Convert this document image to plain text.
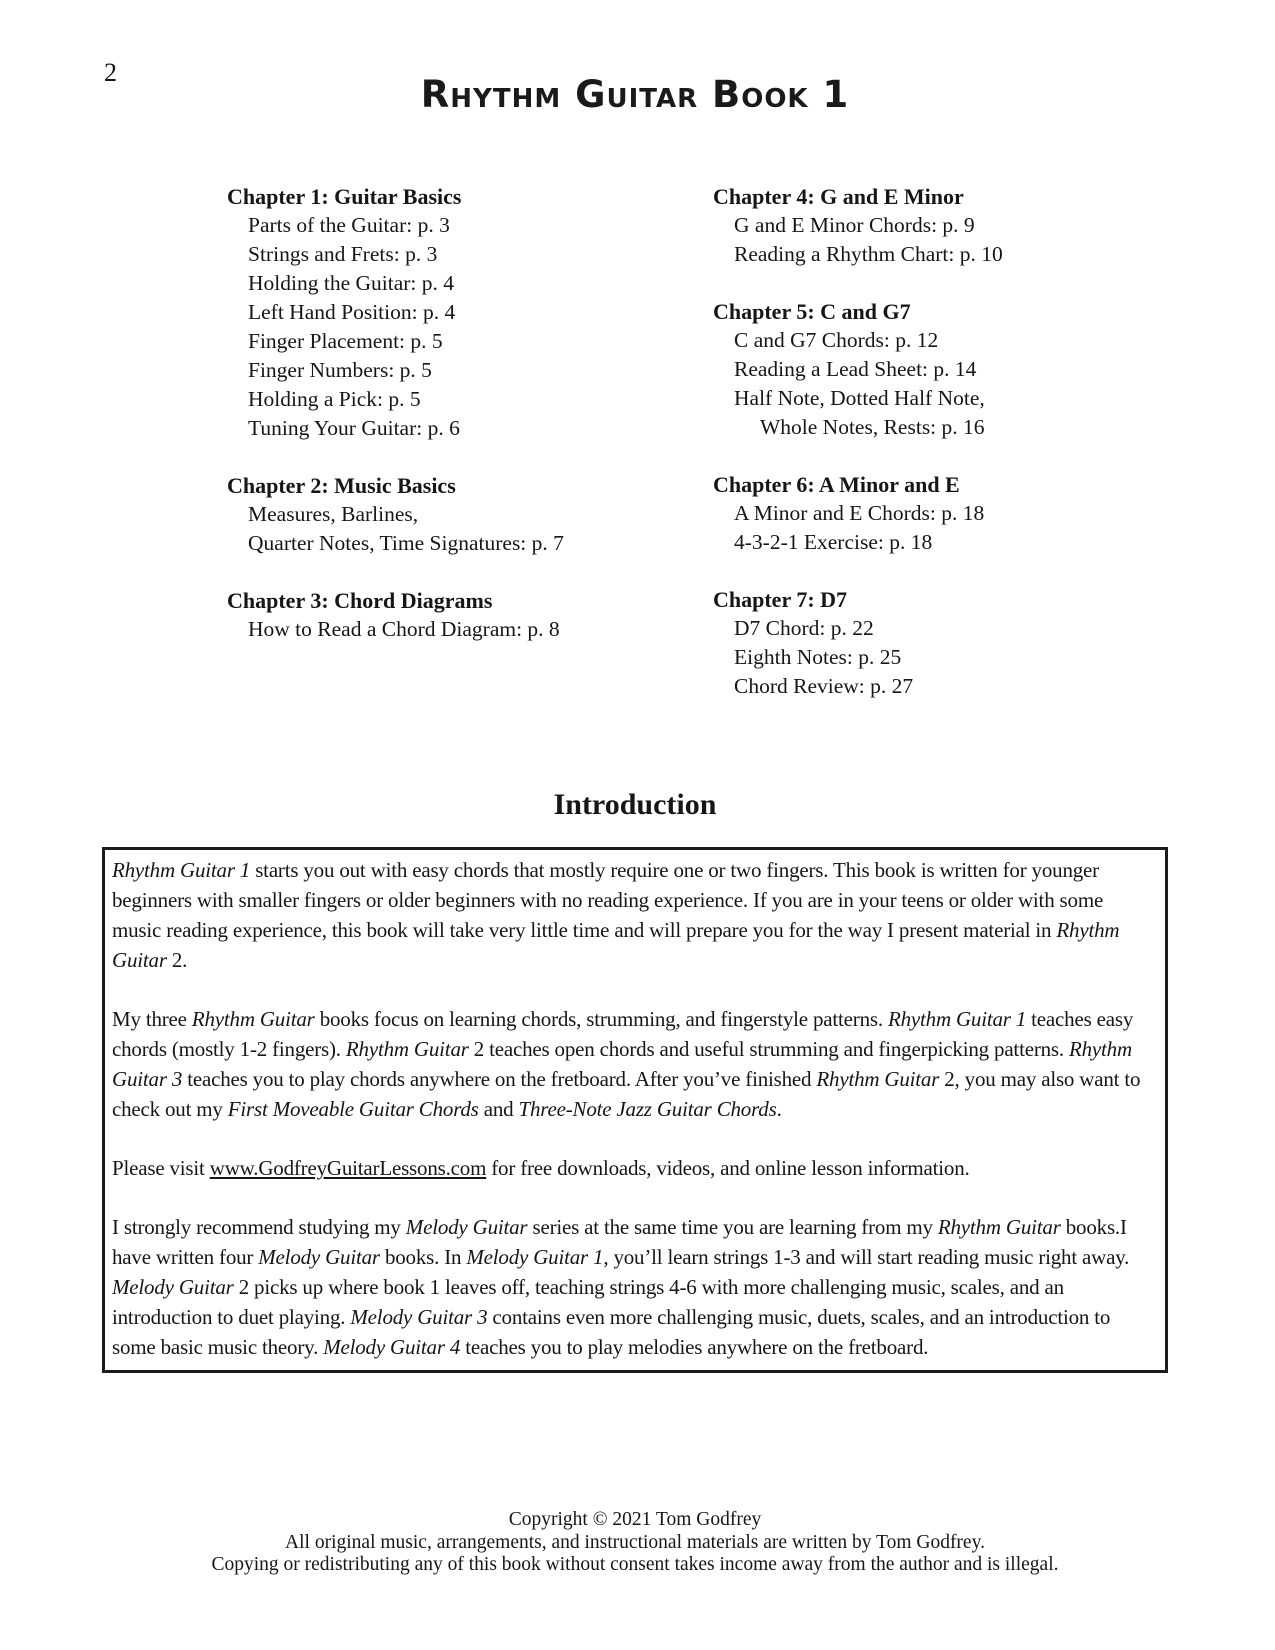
2
Rhythm Guitar Book 1
Chapter 1: Guitar Basics
Parts of the Guitar: p. 3
Strings and Frets: p. 3
Holding the Guitar: p. 4
Left Hand Position: p. 4
Finger Placement: p. 5
Finger Numbers: p. 5
Holding a Pick: p. 5
Tuning Your Guitar: p. 6
Chapter 2: Music Basics
Measures, Barlines,
Quarter Notes, Time Signatures: p. 7
Chapter 3: Chord Diagrams
How to Read a Chord Diagram: p. 8
Chapter 4: G and E Minor
G and E Minor Chords: p. 9
Reading a Rhythm Chart: p. 10
Chapter 5: C and G7
C and G7 Chords: p. 12
Reading a Lead Sheet: p. 14
Half Note, Dotted Half Note,
Whole Notes, Rests: p. 16
Chapter 6: A Minor and E
A Minor and E Chords: p. 18
4-3-2-1 Exercise: p. 18
Chapter 7: D7
D7 Chord: p. 22
Eighth Notes: p. 25
Chord Review: p. 27
Introduction

Rhythm Guitar 1 starts you out with easy chords that mostly require one or two fingers. This book is written for younger beginners with smaller fingers or older beginners with no reading experience. If you are in your teens or older with some music reading experience, this book will take very little time and will prepare you for the way I present material in Rhythm Guitar 2.

My three Rhythm Guitar books focus on learning chords, strumming, and fingerstyle patterns. Rhythm Guitar 1 teaches easy chords (mostly 1-2 fingers). Rhythm Guitar 2 teaches open chords and useful strumming and fingerpicking patterns. Rhythm Guitar 3 teaches you to play chords anywhere on the fretboard. After you’ve finished Rhythm Guitar 2, you may also want to check out my First Moveable Guitar Chords and Three-Note Jazz Guitar Chords.

Please visit www.GodfreyGuitarLessons.com for free downloads, videos, and online lesson information.

I strongly recommend studying my Melody Guitar series at the same time you are learning from my Rhythm Guitar books.I have written four Melody Guitar books. In Melody Guitar 1, you’ll learn strings 1-3 and will start reading music right away. Melody Guitar 2 picks up where book 1 leaves off, teaching strings 4-6 with more challenging music, scales, and an introduction to duet playing. Melody Guitar 3 contains even more challenging music, duets, scales, and an introduction to some basic music theory. Melody Guitar 4 teaches you to play melodies anywhere on the fretboard.

Copyright © 2021 Tom Godfrey
All original music, arrangements, and instructional materials are written by Tom Godfrey.
Copying or redistributing any of this book without consent takes income away from the author and is illegal.
